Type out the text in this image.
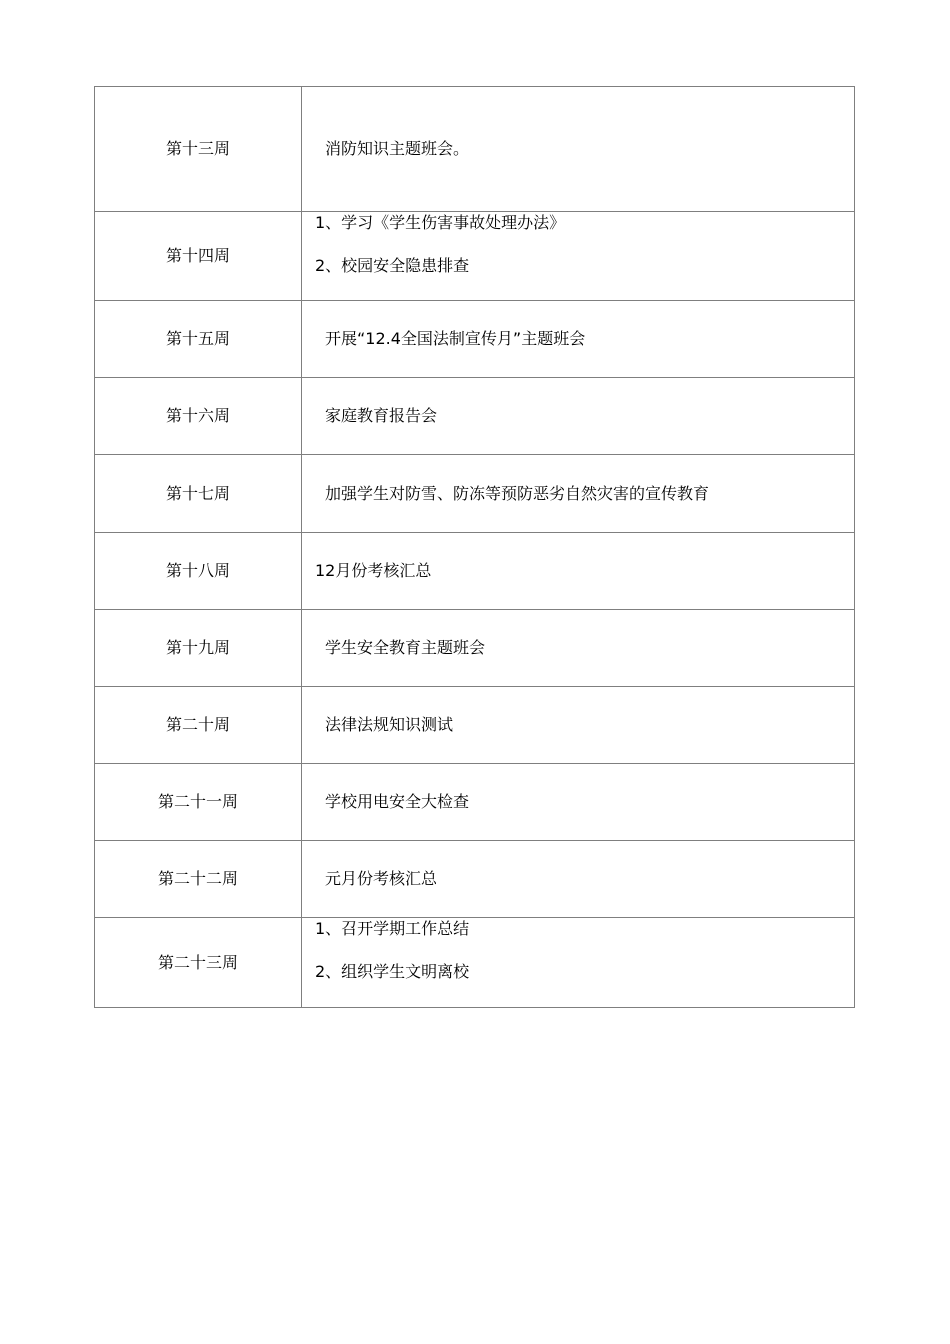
第十三周	消防知识主题班会。

第十四周	1、学习《学生伤害事故处理办法》
2、校园安全隐患排查

第十五周	开展“12.4全国法制宣传月”主题班会

第十六周	家庭教育报告会

第十七周	加强学生对防雪、防冻等预防恶劣自然灾害的宣传教育

第十八周	12月份考核汇总

第十九周	学生安全教育主题班会

第二十周	法律法规知识测试

第二十一周	学校用电安全大检查

第二十二周	元月份考核汇总

第二十三周	1、召开学期工作总结
2、组织学生文明离校
